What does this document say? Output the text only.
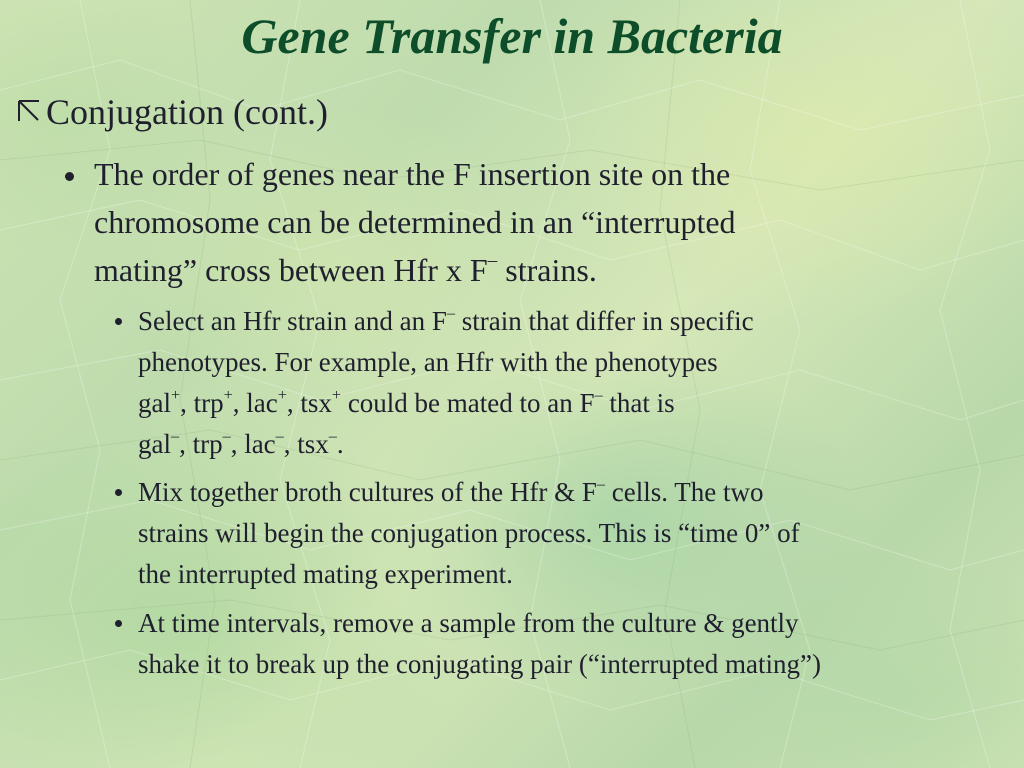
Gene Transfer in Bacteria
Conjugation (cont.)
The order of genes near the F insertion site on the
chromosome can be determined in an “interrupted
mating” cross between Hfr x F– strains.
Select an Hfr strain and an F– strain that differ in specific
phenotypes. For example, an Hfr with the phenotypes
gal+, trp+, lac+, tsx+ could be mated to an F– that is
gal–, trp–, lac–, tsx–.
Mix together broth cultures of the Hfr & F– cells. The two
strains will begin the conjugation process. This is “time 0” of
the interrupted mating experiment.
At time intervals, remove a sample from the culture & gently
shake it to break up the conjugating pair (“interrupted mating”)
